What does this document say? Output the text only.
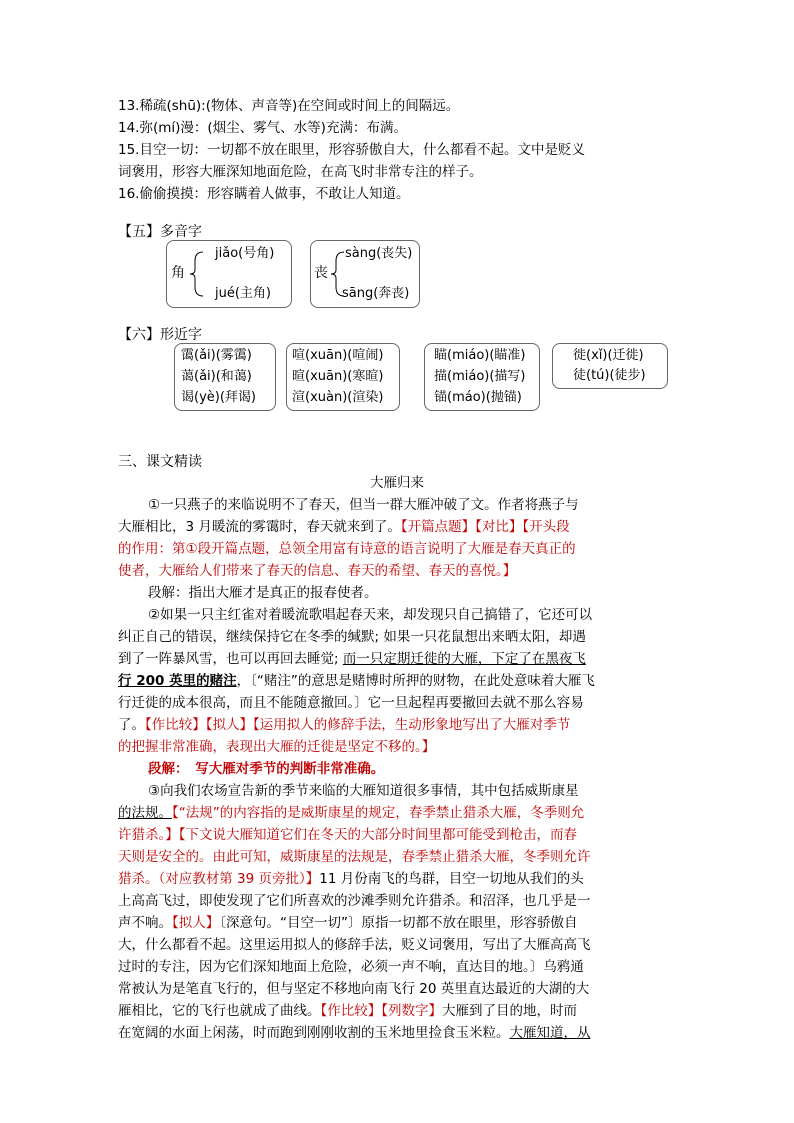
13.稀疏(shū):(物体、声音等)在空间或时间上的间隔远。
14.弥(mí)漫：(烟尘、雾气、水等)充满：布满。
15.目空一切：一切都不放在眼里，形容骄傲自大，什么都看不起。文中是贬义
词褒用，形容大雁深知地面危险，在高飞时非常专注的样子。
16.偷偷摸摸：形容瞒着人做事，不敢让人知道。
【五】多音字
角
jiǎo(号角)
jué(主角)
丧
sàng(丧失)
sāng(奔丧)
【六】形近字
霭(ǎi)(雾霭)
蔼(ǎi)(和蔼)
谒(yè)(拜谒)
喧(xuān)(喧闹)
暄(xuān)(寒暄)
渲(xuàn)(渲染)
瞄(miáo)(瞄准)
描(miáo)(描写)
锚(máo)(抛锚)
徙(xǐ)(迁徙)
徒(tú)(徒步)
三、课文精读
大雁归来
①一只燕子的来临说明不了春天，但当一群大雁冲破了文。作者将燕子与
大雁相比，3 月暖流的雾霭时，春天就来到了。【开篇点题】【对比】【开头段
的作用：第①段开篇点题，总领全用富有诗意的语言说明了大雁是春天真正的
使者，大雁给人们带来了春天的信息、春天的希望、春天的喜悦。】
段解：指出大雁才是真正的报春使者。
②如果一只主红雀对着暖流歌唱起春天来，却发现只自己搞错了，它还可以
纠正自己的错误，继续保持它在冬季的缄默; 如果一只花鼠想出来晒太阳，却遇
到了一阵暴风雪，也可以再回去睡觉; 而一只定期迁徙的大雁，下定了在黑夜飞
行 200 英里的赌注，〔“赌注”的意思是赌博时所押的财物，在此处意味着大雁飞
行迁徙的成本很高，而且不能随意撤回。〕它一旦起程再要撤回去就不那么容易
了。【作比较】【拟人】【运用拟人的修辞手法，生动形象地写出了大雁对季节
的把握非常准确，表现出大雁的迁徙是坚定不移的。】
段解：　写大雁对季节的判断非常准确。
③向我们农场宣告新的季节来临的大雁知道很多事情，其中包括威斯康星
的法规。【“法规”的内容指的是威斯康星的规定，春季禁止猎杀大雁，冬季则允
许猎杀。】【下文说大雁知道它们在冬天的大部分时间里都可能受到枪击，而春
天则是安全的。由此可知，威斯康星的法规是，春季禁止猎杀大雁，冬季则允许
猎杀。（对应教材第 39 页旁批）】11 月份南飞的鸟群，目空一切地从我们的头
上高高飞过，即使发现了它们所喜欢的沙滩季则允许猎杀。和沼泽，也几乎是一
声不响。【拟人】〔深意句。“目空一切”〕原指一切都不放在眼里，形容骄傲自
大，什么都看不起。这里运用拟人的修辞手法，贬义词褒用，写出了大雁高高飞
过时的专注，因为它们深知地面上危险，必须一声不响，直达目的地。〕乌鸦通
常被认为是笔直飞行的，但与坚定不移地向南飞行 20 英里直达最近的大湖的大
雁相比，它的飞行也就成了曲线。【作比较】【列数字】大雁到了目的地，时而
在宽阔的水面上闲荡，时而跑到刚刚收割的玉米地里捡食玉米粒。大雁知道，从
